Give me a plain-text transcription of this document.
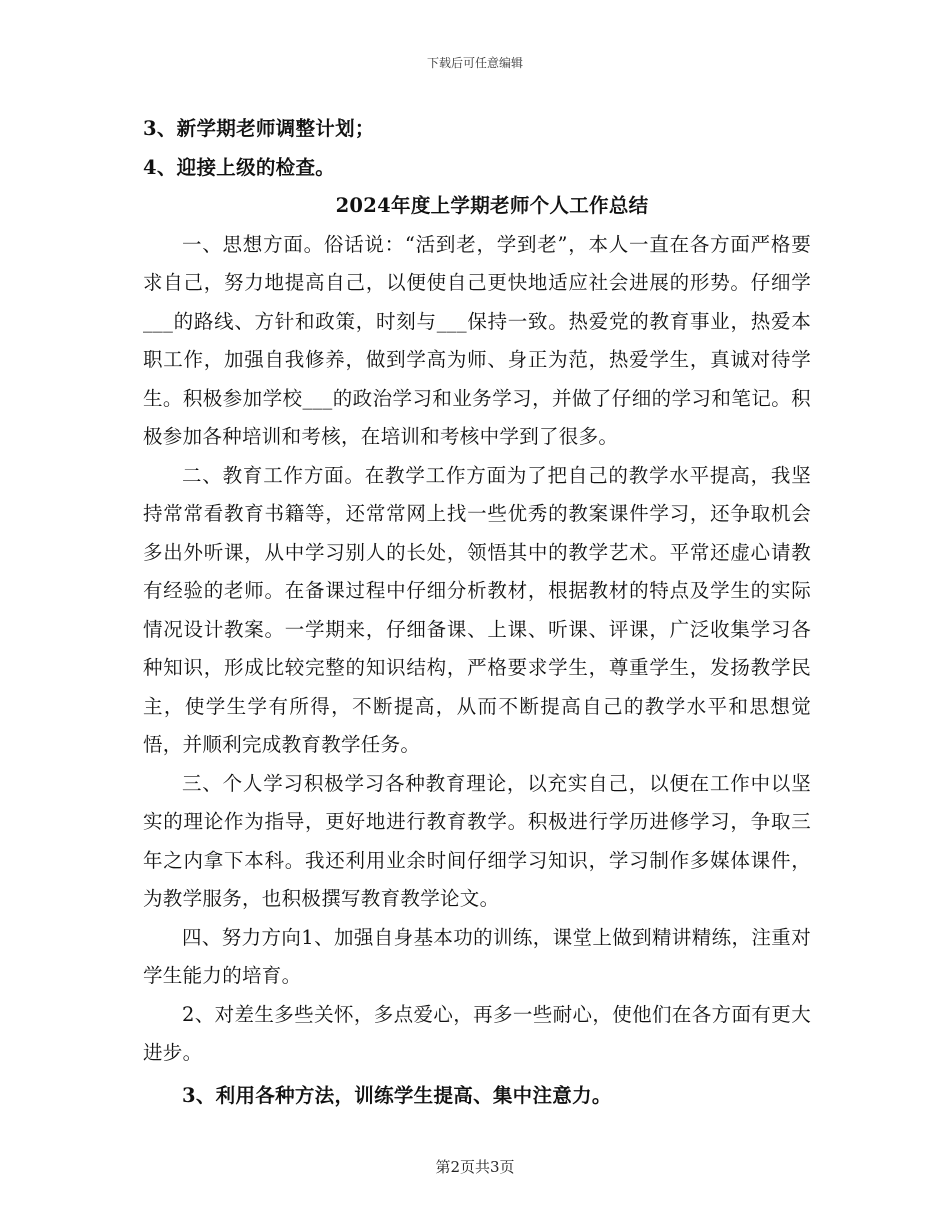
下载后可任意编辑

3、新学期老师调整计划；

4、迎接上级的检查。

2024年度上学期老师个人工作总结

一、思想方面。俗话说：“活到老，学到老”，本人一直在各方面严格要求自己，努力地提高自己，以便使自己更快地适应社会进展的形势。仔细学___的路线、方针和政策，时刻与___保持一致。热爱党的教育事业，热爱本职工作，加强自我修养，做到学高为师、身正为范，热爱学生，真诚对待学生。积极参加学校___的政治学习和业务学习，并做了仔细的学习和笔记。积极参加各种培训和考核，在培训和考核中学到了很多。

二、教育工作方面。在教学工作方面为了把自己的教学水平提高，我坚持常常看教育书籍等，还常常网上找一些优秀的教案课件学习，还争取机会多出外听课，从中学习别人的长处，领悟其中的教学艺术。平常还虚心请教有经验的老师。在备课过程中仔细分析教材，根据教材的特点及学生的实际情况设计教案。一学期来，仔细备课、上课、听课、评课，广泛收集学习各种知识，形成比较完整的知识结构，严格要求学生，尊重学生，发扬教学民主，使学生学有所得，不断提高，从而不断提高自己的教学水平和思想觉悟，并顺利完成教育教学任务。

三、个人学习积极学习各种教育理论，以充实自己，以便在工作中以坚实的理论作为指导，更好地进行教育教学。积极进行学历进修学习，争取三年之内拿下本科。我还利用业余时间仔细学习知识，学习制作多媒体课件，为教学服务，也积极撰写教育教学论文。

四、努力方向1、加强自身基本功的训练，课堂上做到精讲精练，注重对学生能力的培育。

2、对差生多些关怀，多点爱心，再多一些耐心，使他们在各方面有更大进步。

3、利用各种方法，训练学生提高、集中注意力。

第2页共3页
